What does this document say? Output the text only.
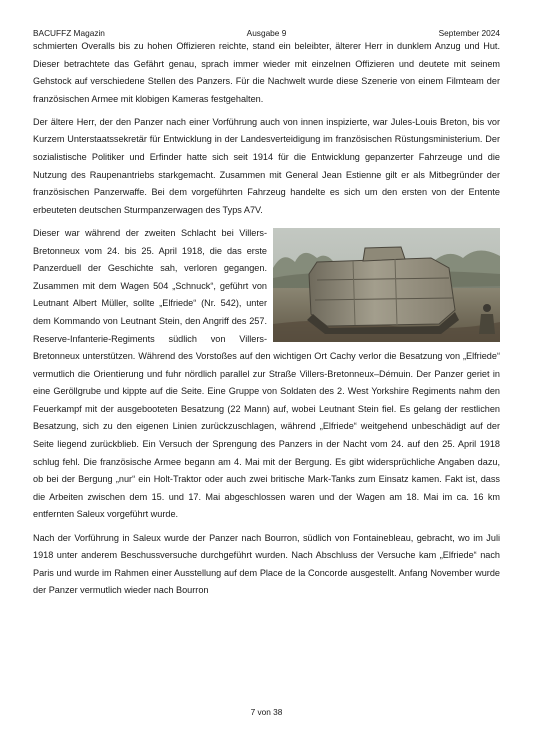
BACUFFZ Magazin	Ausgabe 9	September 2024

schmierten Overalls bis zu hohen Offizieren reichte, stand ein beleibter, älterer Herr in dunklem Anzug und Hut. Dieser betrachtete das Gefährt genau, sprach immer wieder mit einzelnen Offizieren und deutete mit seinem Gehstock auf verschiedene Stellen des Panzers. Für die Nachwelt wurde diese Szenerie von einem Filmteam der französischen Armee mit klobigen Kameras festgehalten.

Der ältere Herr, der den Panzer nach einer Vorführung auch von innen inspizierte, war Jules-Louis Breton, bis vor Kurzem Unterstaatssekretär für Entwicklung in der Landesverteidigung im französischen Rüstungsministerium. Der sozialistische Politiker und Erfinder hatte sich seit 1914 für die Entwicklung gepanzerter Fahrzeuge und die Nutzung des Raupenantriebs starkgemacht. Zusammen mit General Jean Estienne gilt er als Mitbegründer der französischen Panzerwaffe. Bei dem vorgeführten Fahrzeug handelte es sich um den ersten von der Entente erbeuteten deutschen Sturmpanzerwagen des Typs A7V.

Dieser war während der zweiten Schlacht bei Villers-Bretonneux vom 24. bis 25. April 1918, die das erste Panzerduell der Geschichte sah, verloren gegangen. Zusammen mit dem Wagen 504 „Schnuck“, geführt von Leutnant Albert Müller, sollte „Elfriede“ (Nr. 542), unter dem Kommando von Leutnant Stein, den Angriff des 257. Reserve-Infanterie-Regiments südlich von Villers-Bretonneux unterstützen. Während des Vorstoßes auf den wichtigen Ort Cachy verlor die Besatzung von „Elfriede“ vermutlich die Orientierung und fuhr nördlich parallel zur Straße Villers-Bretonneux–Démuin. Der Panzer geriet in eine Geröllgrube und kippte auf die Seite. Eine Gruppe von Soldaten des 2. West Yorkshire Regiments nahm den Feuerkampf mit der ausgebooteten Besatzung (22 Mann) auf, wobei Leutnant Stein fiel. Es gelang der restlichen Besatzung, sich zu den eigenen Linien zurückzuschlagen, während „Elfriede“ weitgehend unbeschädigt auf der Seite liegend zurückblieb. Ein Versuch der Sprengung des Panzers in der Nacht vom 24. auf den 25. April 1918 schlug fehl. Die französische Armee begann am 4. Mai mit der Bergung. Es gibt widersprüchliche Angaben dazu, ob bei der Bergung „nur“ ein Holt-Traktor oder auch zwei britische Mark-Tanks zum Einsatz kamen. Fakt ist, dass die Arbeiten zwischen dem 15. und 17. Mai abgeschlossen waren und der Wagen am 18. Mai im ca. 16 km entfernten Saleux vorgeführt wurde.

Nach der Vorführung in Saleux wurde der Panzer nach Bourron, südlich von Fontainebleau, gebracht, wo im Juli 1918 unter anderem Beschussversuche durchgeführt wurden. Nach Abschluss der Versuche kam „Elfriede“ nach Paris und wurde im Rahmen einer Ausstellung auf dem Place de la Concorde ausgestellt. Anfang November wurde der Panzer vermutlich wieder nach Bourron

7 von 38
